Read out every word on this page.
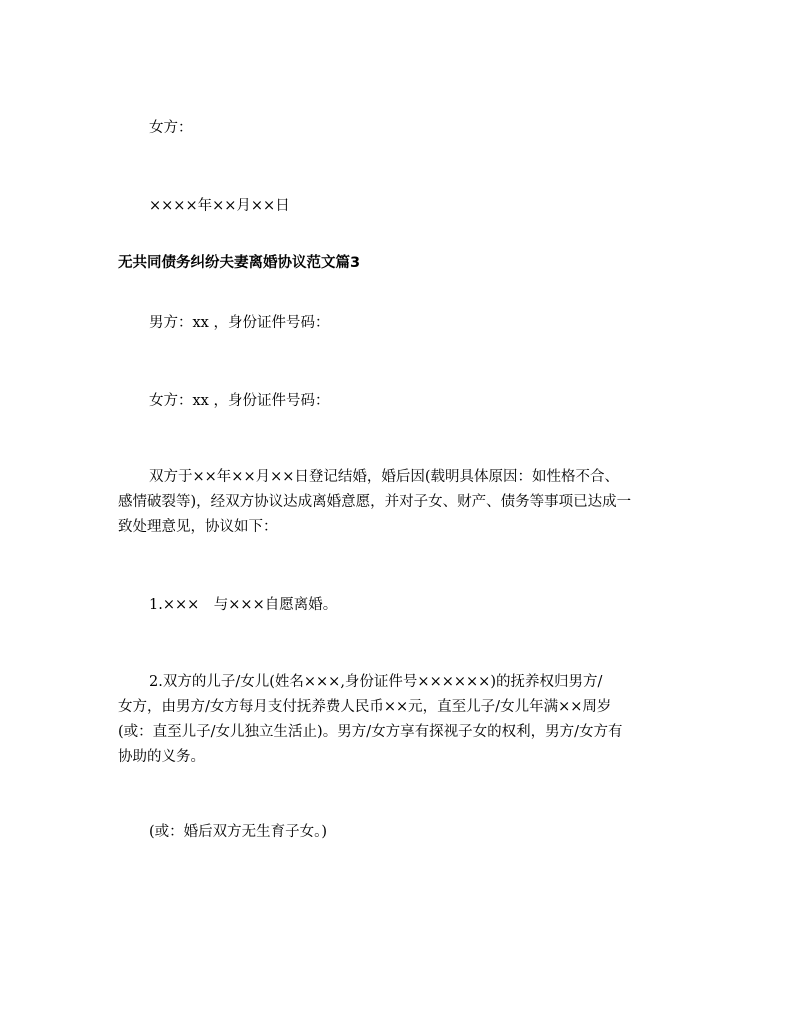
女方：
××××年××月××日
无共同债务纠纷夫妻离婚协议范文篇3
男方：xx ，身份证件号码：
女方：xx ，身份证件号码：
双方于××年××月××日登记结婚，婚后因(载明具体原因：如性格不合、
感情破裂等)，经双方协议达成离婚意愿，并对子女、财产、债务等事项已达成一
致处理意见，协议如下：
1.×××　与×××自愿离婚。
2.双方的儿子/女儿(姓名×××,身份证件号××××××)的抚养权归男方/
女方，由男方/女方每月支付抚养费人民币××元，直至儿子/女儿年满××周岁
(或：直至儿子/女儿独立生活止)。男方/女方享有探视子女的权利，男方/女方有
协助的义务。
(或：婚后双方无生育子女。)
